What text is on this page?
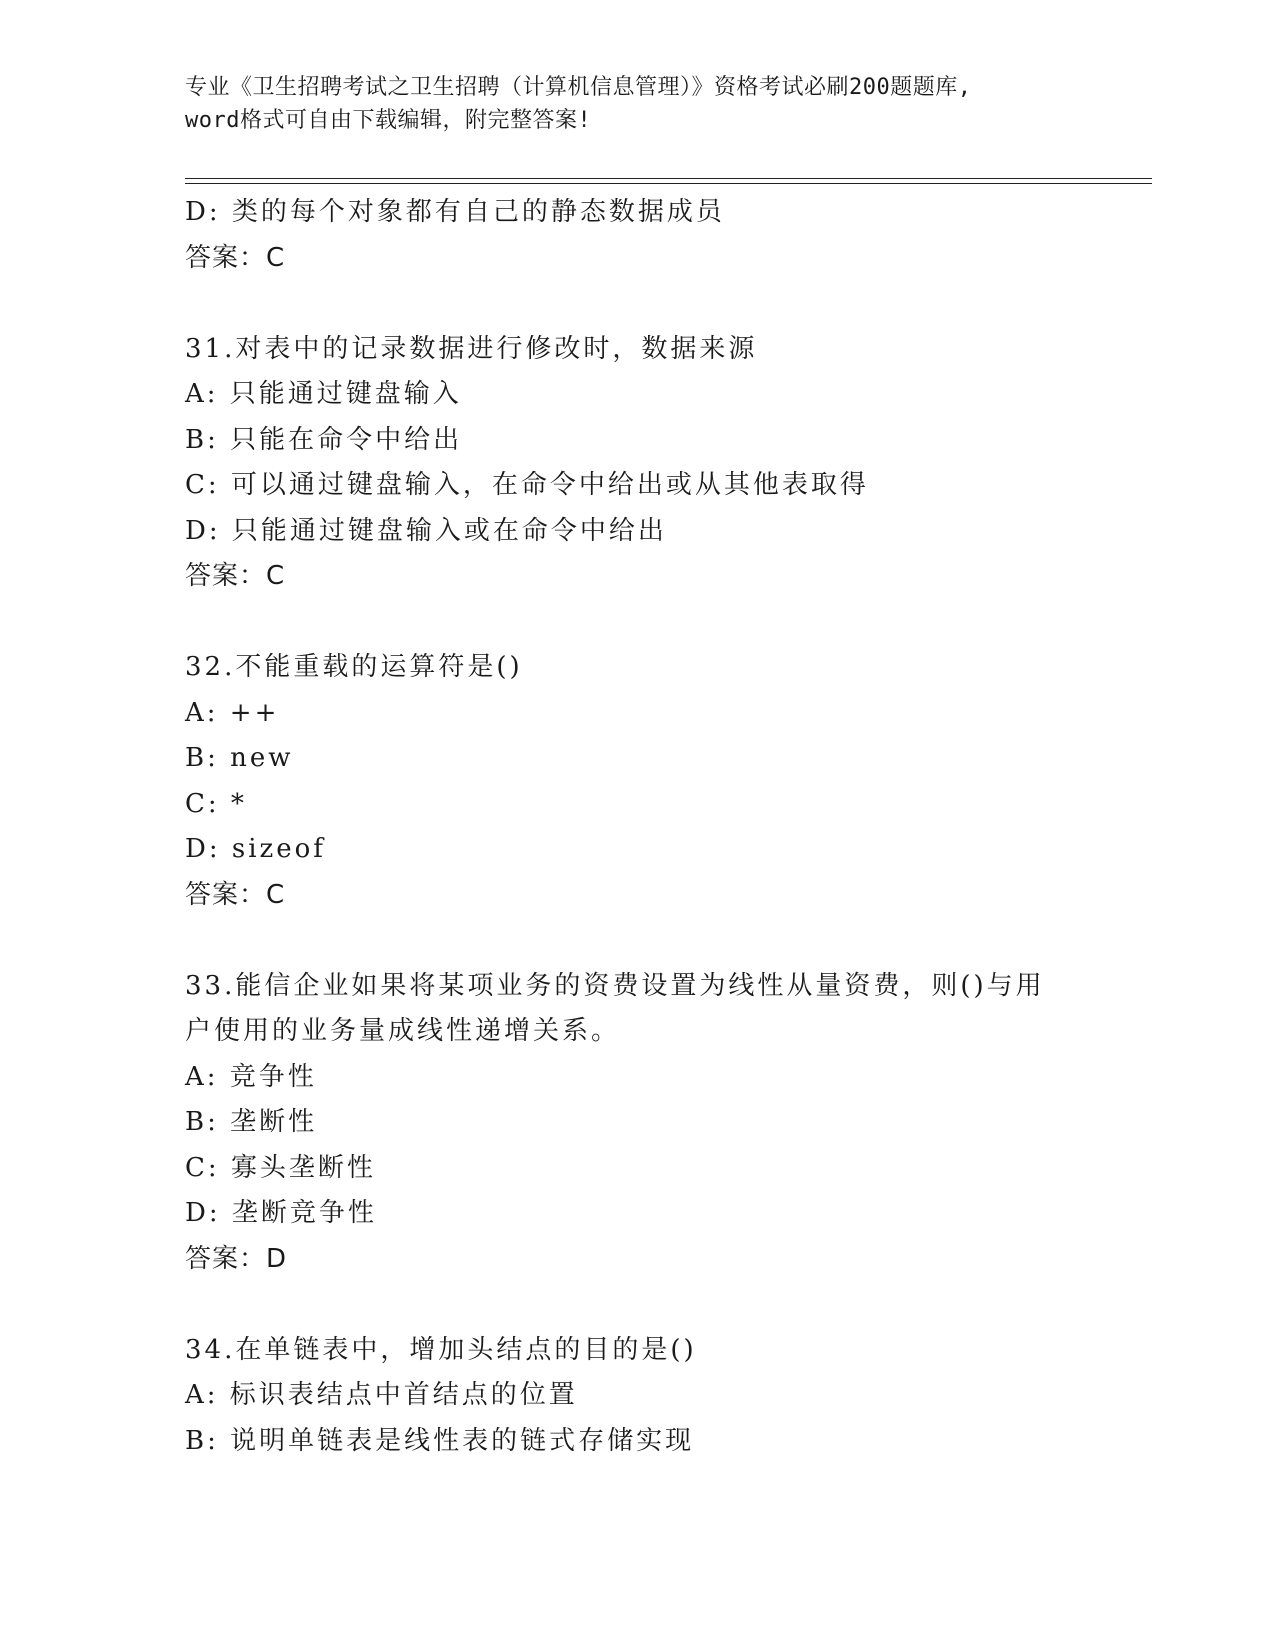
专业《卫生招聘考试之卫生招聘（计算机信息管理）》资格考试必刷200题题库,
word格式可自由下载编辑，附完整答案!
D: 类的每个对象都有自己的静态数据成员
答案：C
31.对表中的记录数据进行修改时，数据来源
A: 只能通过键盘输入
B: 只能在命令中给出
C: 可以通过键盘输入，在命令中给出或从其他表取得
D: 只能通过键盘输入或在命令中给出
答案：C
32.不能重载的运算符是()
A: ++
B: new
C: *
D: sizeof
答案：C
33.能信企业如果将某项业务的资费设置为线性从量资费，则()与用户使用的业务量成线性递增关系。
A: 竞争性
B: 垄断性
C: 寡头垄断性
D: 垄断竞争性
答案：D
34.在单链表中，增加头结点的目的是()
A: 标识表结点中首结点的位置
B: 说明单链表是线性表的链式存储实现
